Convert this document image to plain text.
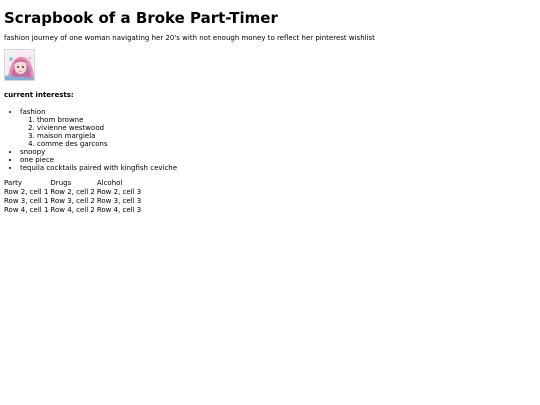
Scrapbook of a Broke Part-Timer
fashion journey of one woman navigating her 20's with not enough money to reflect her pinterest wishlist
current interests:
• fashion
1. thom browne
2. vivienne westwood
3. maison margiela
4. comme des garcons
• snoopy
• one piece
• tequila cocktails paired with kingfish ceviche
Party	Drugs	Alcohol
Row 2, cell 1	Row 2, cell 2	Row 2, cell 3
Row 3, cell 1	Row 3, cell 2	Row 3, cell 3
Row 4, cell 1	Row 4, cell 2	Row 4, cell 3
